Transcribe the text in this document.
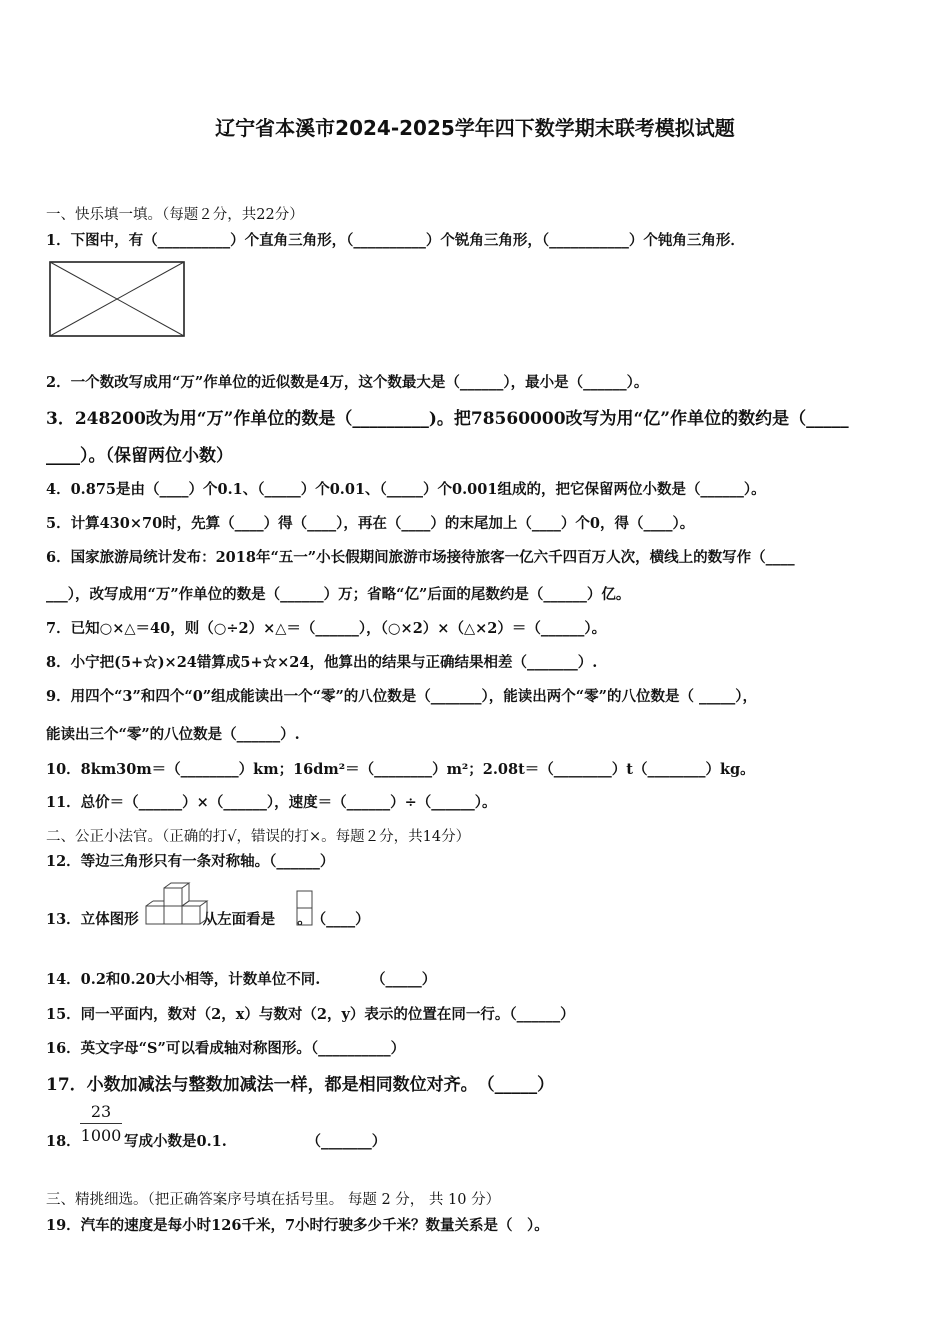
辽宁省本溪市2024-2025学年四下数学期末联考模拟试题
一、快乐填一填。（每题２分，共22分）
1．下图中，有（__________）个直角三角形，（__________）个锐角三角形，（___________）个钝角三角形．
2．一个数改写成用“万”作单位的近似数是4万，这个数最大是（______），最小是（______）。
3．248200改为用“万”作单位的数是（_________)。把78560000改写为用“亿”作单位的数约是（_____
____）。（保留两位小数）
4．0.875是由（____）个0.1、（_____）个0.01、（_____）个0.001组成的，把它保留两位小数是（______）。
5．计算430×70时，先算（____）得（____），再在（____）的末尾加上（____）个0，得（____）。
6．国家旅游局统计发布：2018年“五一”小长假期间旅游市场接待旅客一亿六千四百万人次，横线上的数写作（____
___），改写成用“万”作单位的数是（______）万；省略“亿”后面的尾数约是（______）亿。
7．已知○×△＝40，则（○÷2）×△＝（______），（○×2）×（△×2）＝（______）。
8．小宁把(5+☆)×24错算成5+☆×24，他算出的结果与正确结果相差（_______）.
9．用四个“3”和四个“0”组成能读出一个“零”的八位数是（_______），能读出两个“零”的八位数是（ _____），
能读出三个“零”的八位数是（______）.
10．8km30m＝（________）km；16dm²＝（________）m²；2.08t＝（________）t（________）kg。
11．总价＝（______）×（______），速度＝（______）÷（______）。
二、公正小法官。（正确的打√，错误的打×。每题２分，共14分）
12．等边三角形只有一条对称轴。（______）
13．立体图形	从左面看是 。　（____）
14．0.2和0.20大小相等，计数单位不同.　　　　（_____）
15．同一平面内，数对（2，x）与数对（2，y）表示的位置在同一行。（______）
16．英文字母“S”可以看成轴对称图形。（__________）
17．小数加减法与整数加减法一样，都是相同数位对齐。　（_____）
18． $\frac{23}{1000}$ 写成小数是0.1.　　　　　　（_______）
三、精挑细选。（把正确答案序号填在括号里。 每题 2 分， 共 10 分）
19．汽车的速度是每小时126千米，7小时行驶多少千米？数量关系是（　）。
